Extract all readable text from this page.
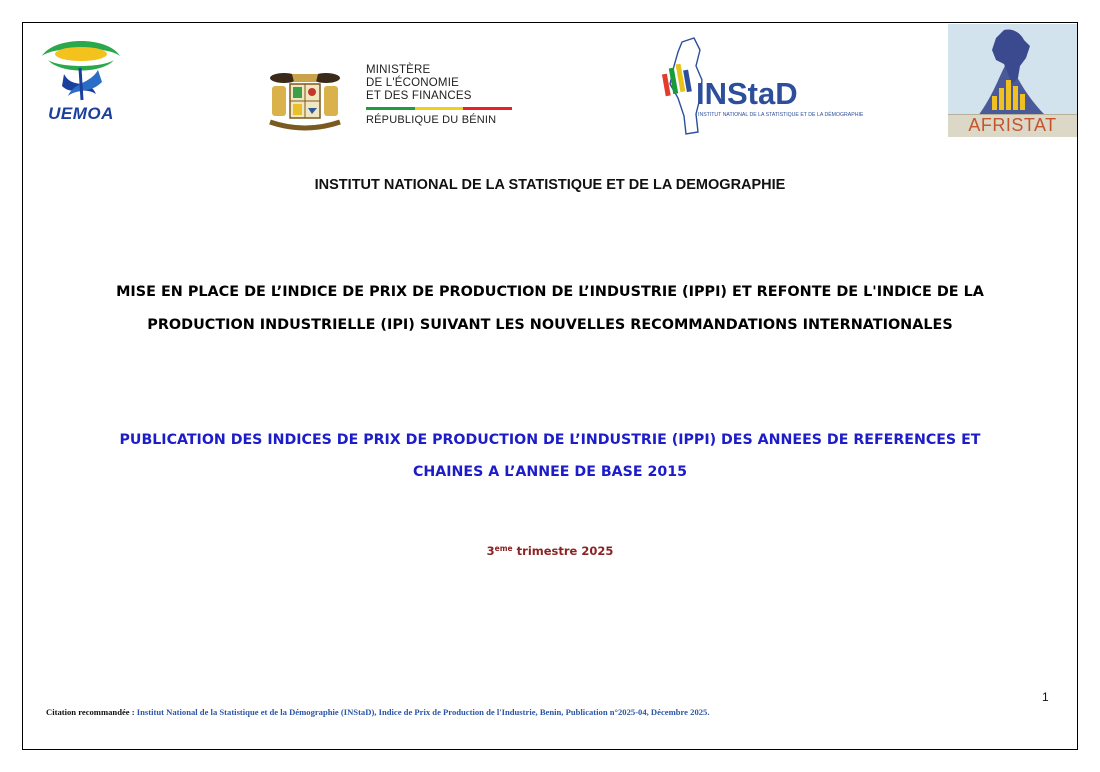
UEMOA
MINISTÈRE
DE L'ÉCONOMIE
ET DES FINANCES
RÉPUBLIQUE DU BÉNIN
INStaD
INSTITUT NATIONAL DE LA STATISTIQUE ET DE LA DÉMOGRAPHIE	AFRISTAT
INSTITUT NATIONAL DE LA STATISTIQUE ET DE LA DEMOGRAPHIE
MISE EN PLACE DE L’INDICE DE PRIX DE PRODUCTION DE L’INDUSTRIE (IPPI) ET REFONTE DE L'INDICE DE LA
PRODUCTION INDUSTRIELLE (IPI) SUIVANT LES NOUVELLES RECOMMANDATIONS INTERNATIONALES
PUBLICATION DES INDICES DE PRIX DE PRODUCTION DE L’INDUSTRIE (IPPI) DES ANNEES DE REFERENCES ET
CHAINES A L’ANNEE DE BASE 2015
3eme trimestre 2025
1
Citation recommandée : Institut National de la Statistique et de la Démographie (INStaD), Indice de Prix de Production de l'Industrie, Benin, Publication n°2025-04, Décembre 2025.
